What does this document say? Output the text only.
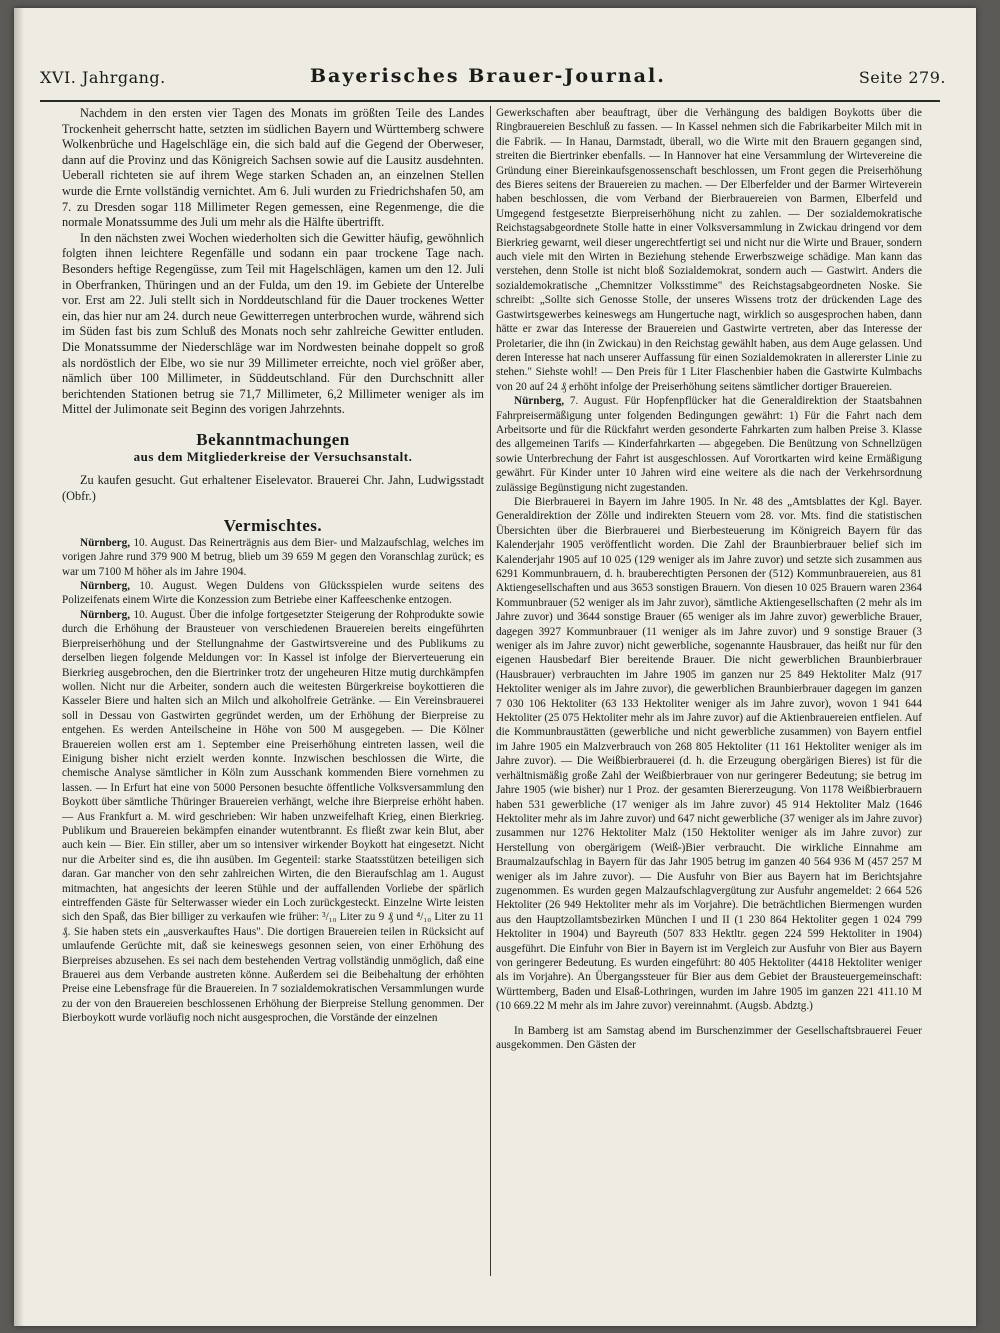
XVI. Jahrgang.	Bayerisches Brauer-Journal.	Seite 279.

Nachdem in den ersten vier Tagen des Monats im größten Teile des Landes Trockenheit geherrscht hatte, setzten im südlichen Bayern und Württemberg schwere Wolkenbrüche und Hagelschläge ein, die sich bald auf die Gegend der Oberweser, dann auf die Provinz und das Königreich Sachsen sowie auf die Lausitz ausdehnten. Ueberall richteten sie auf ihrem Wege starken Schaden an, an einzelnen Stellen wurde die Ernte vollständig vernichtet. Am 6. Juli wurden zu Friedrichshafen 50, am 7. zu Dresden sogar 118 Millimeter Regen gemessen, eine Regenmenge, die die normale Monatssumme des Juli um mehr als die Hälfte übertrifft.

In den nächsten zwei Wochen wiederholten sich die Gewitter häufig, gewöhnlich folgten ihnen leichtere Regenfälle und sodann ein paar trockene Tage nach. Besonders heftige Regengüsse, zum Teil mit Hagelschlägen, kamen um den 12. Juli in Oberfranken, Thüringen und an der Fulda, um den 19. im Gebiete der Unterelbe vor. Erst am 22. Juli stellt sich in Norddeutschland für die Dauer trockenes Wetter ein, das hier nur am 24. durch neue Gewitterregen unterbrochen wurde, während sich im Süden fast bis zum Schluß des Monats noch sehr zahlreiche Gewitter entluden. Die Monatssumme der Niederschläge war im Nordwesten beinahe doppelt so groß als nordöstlich der Elbe, wo sie nur 39 Millimeter erreichte, noch viel größer aber, nämlich über 100 Millimeter, in Süddeutschland. Für den Durchschnitt aller berichtenden Stationen betrug sie 71,7 Millimeter, 6,2 Millimeter weniger als im Mittel der Julimonate seit Beginn des vorigen Jahrzehnts.

Bekanntmachungen
aus dem Mitgliederkreise der Versuchsanstalt.

Zu kaufen gesucht. Gut erhaltener Eiselevator. Brauerei Chr. Jahn, Ludwigsstadt (Obfr.)

Vermischtes.

Nürnberg, 10. August. Das Reinerträgnis aus dem Bier- und Malzaufschlag, welches im vorigen Jahre rund 379 900 M betrug, blieb um 39 659 M gegen den Voranschlag zurück; es war um 7100 M höher als im Jahre 1904.

Nürnberg, 10. August. Wegen Duldens von Glücksspielen wurde seitens des Polizeifenats einem Wirte die Konzession zum Betriebe einer Kaffeeschenke entzogen.

Nürnberg, 10. August. Über die infolge fortgesetzter Steigerung der Rohprodukte sowie durch die Erhöhung der Brausteuer von verschiedenen Brauereien bereits eingeführten Bierpreiserhöhung und der Stellungnahme der Gastwirtsvereine und des Publikums zu derselben liegen folgende Meldungen vor: In Kassel ist infolge der Bierverteuerung ein Bierkrieg ausgebrochen, den die Biertrinker trotz der ungeheuren Hitze mutig durchkämpfen wollen. Nicht nur die Arbeiter, sondern auch die weitesten Bürgerkreise boykottieren die Kasseler Biere und halten sich an Milch und alkoholfreie Getränke. — Ein Vereinsbrauerei soll in Dessau von Gastwirten gegründet werden, um der Erhöhung der Bierpreise zu entgehen. Es werden Anteilscheine in Höhe von 500 M ausgegeben. — Die Kölner Brauereien wollen erst am 1. September eine Preiserhöhung eintreten lassen, weil die Einigung bisher nicht erzielt werden konnte. Inzwischen beschlossen die Wirte, die chemische Analyse sämtlicher in Köln zum Ausschank kommenden Biere vornehmen zu lassen. — In Erfurt hat eine von 5000 Personen besuchte öffentliche Volksversammlung den Boykott über sämtliche Thüringer Brauereien verhängt, welche ihre Bierpreise erhöht haben. — Aus Frankfurt a. M. wird geschrieben: Wir haben unzweifelhaft Krieg, einen Bierkrieg. Publikum und Brauereien bekämpfen einander wutentbrannt. Es fließt zwar kein Blut, aber auch kein — Bier. Ein stiller, aber um so intensiver wirkender Boykott hat eingesetzt. Nicht nur die Arbeiter sind es, die ihn ausüben. Im Gegenteil: starke Staatsstützen beteiligen sich daran. Gar mancher von den sehr zahlreichen Wirten, die den Bieraufschlag am 1. August mitmachten, hat angesichts der leeren Stühle und der auffallenden Vorliebe der spärlich eintreffenden Gäste für Selterwasser wieder ein Loch zurückgesteckt. Einzelne Wirte leisten sich den Spaß, das Bier billiger zu verkaufen wie früher: ³/₁₀ Liter zu 9 ₰ und ⁴/₁₀ Liter zu 11 ₰. Sie haben stets ein „ausverkauftes Haus". Die dortigen Brauereien teilen in Rücksicht auf umlaufende Gerüchte mit, daß sie keineswegs gesonnen seien, von einer Erhöhung des Bierpreises abzusehen. Es sei nach dem bestehenden Vertrag vollständig unmöglich, daß eine Brauerei aus dem Verbande austreten könne. Außerdem sei die Beibehaltung der erhöhten Preise eine Lebensfrage für die Brauereien. In 7 sozialdemokratischen Versammlungen wurde zu der von den Brauereien beschlossenen Erhöhung der Bierpreise Stellung genommen. Der Bierboykott wurde vorläufig noch nicht ausgesprochen, die Vorstände der einzelnen

Gewerkschaften aber beauftragt, über die Verhängung des baldigen Boykotts über die Ringbrauereien Beschluß zu fassen. — In Kassel nehmen sich die Fabrikarbeiter Milch mit in die Fabrik. — In Hanau, Darmstadt, überall, wo die Wirte mit den Brauern gegangen sind, streiten die Biertrinker ebenfalls. — In Hannover hat eine Versammlung der Wirtevereine die Gründung einer Biereinkaufsgenossenschaft beschlossen, um Front gegen die Preiserhöhung des Bieres seitens der Brauereien zu machen. — Der Elberfelder und der Barmer Wirteverein haben beschlossen, die vom Verband der Bierbrauereien von Barmen, Elberfeld und Umgegend festgesetzte Bierpreiserhöhung nicht zu zahlen. — Der sozialdemokratische Reichstagsabgeordnete Stolle hatte in einer Volksversammlung in Zwickau dringend vor dem Bierkrieg gewarnt, weil dieser ungerechtfertigt sei und nicht nur die Wirte und Brauer, sondern auch viele mit den Wirten in Beziehung stehende Erwerbszweige schädige. Man kann das verstehen, denn Stolle ist nicht bloß Sozialdemokrat, sondern auch — Gastwirt. Anders die sozialdemokratische „Chemnitzer Volksstimme" des Reichstagsabgeordneten Noske. Sie schreibt: „Sollte sich Genosse Stolle, der unseres Wissens trotz der drückenden Lage des Gastwirtsgewerbes keineswegs am Hungertuche nagt, wirklich so ausgesprochen haben, dann hätte er zwar das Interesse der Brauereien und Gastwirte vertreten, aber das Interesse der Proletarier, die ihn (in Zwickau) in den Reichstag gewählt haben, aus dem Auge gelassen. Und deren Interesse hat nach unserer Auffassung für einen Sozialdemokraten in allererster Linie zu stehen." Siehste wohl! — Den Preis für 1 Liter Flaschenbier haben die Gastwirte Kulmbachs von 20 auf 24 ₰ erhöht infolge der Preiserhöhung seitens sämtlicher dortiger Brauereien.

Nürnberg, 7. August. Für Hopfenpflücker hat die Generaldirektion der Staatsbahnen Fahrpreisermäßigung unter folgenden Bedingungen gewährt: 1) Für die Fahrt nach dem Arbeitsorte und für die Rückfahrt werden gesonderte Fahrkarten zum halben Preise 3. Klasse des allgemeinen Tarifs — Kinderfahrkarten — abgegeben. Die Benützung von Schnellzügen sowie Unterbrechung der Fahrt ist ausgeschlossen. Auf Vorortkarten wird keine Ermäßigung gewährt. Für Kinder unter 10 Jahren wird eine weitere als die nach der Verkehrsordnung zulässige Begünstigung nicht zugestanden.

Die Bierbrauerei in Bayern im Jahre 1905. In Nr. 48 des „Amtsblattes der Kgl. Bayer. Generaldirektion der Zölle und indirekten Steuern vom 28. vor. Mts. find die statistischen Übersichten über die Bierbrauerei und Bierbesteuerung im Königreich Bayern für das Kalenderjahr 1905 veröffentlicht worden. Die Zahl der Braunbierbrauer belief sich im Kalenderjahr 1905 auf 10 025 (129 weniger als im Jahre zuvor) und setzte sich zusammen aus 6291 Kommunbrauern, d. h. brauberechtigten Personen der (512) Kommunbrauereien, aus 81 Aktiengesellschaften und aus 3653 sonstigen Brauern. Von diesen 10 025 Brauern waren 2364 Kommunbrauer (52 weniger als im Jahr zuvor), sämtliche Aktiengesellschaften (2 mehr als im Jahre zuvor) und 3644 sonstige Brauer (65 weniger als im Jahre zuvor) gewerbliche Brauer, dagegen 3927 Kommunbrauer (11 weniger als im Jahre zuvor) und 9 sonstige Brauer (3 weniger als im Jahre zuvor) nicht gewerbliche, sogenannte Hausbrauer, das heißt nur für den eigenen Hausbedarf Bier bereitende Brauer. Die nicht gewerblichen Braunbierbrauer (Hausbrauer) verbrauchten im Jahre 1905 im ganzen nur 25 849 Hektoliter Malz (917 Hektoliter weniger als im Jahre zuvor), die gewerblichen Braunbierbrauer dagegen im ganzen 7 030 106 Hektoliter (63 133 Hektoliter weniger als im Jahre zuvor), wovon 1 941 644 Hektoliter (25 075 Hektoliter mehr als im Jahre zuvor) auf die Aktienbrauereien entfielen. Auf die Kommunbraustätten (gewerbliche und nicht gewerbliche zusammen) von Bayern entfiel im Jahre 1905 ein Malzverbrauch von 268 805 Hektoliter (11 161 Hektoliter weniger als im Jahre zuvor). — Die Weißbierbrauerei (d. h. die Erzeugung obergärigen Bieres) ist für die verhältnismäßig große Zahl der Weißbierbrauer von nur geringerer Bedeutung; sie betrug im Jahre 1905 (wie bisher) nur 1 Proz. der gesamten Biererzeugung. Von 1178 Weißbierbrauern haben 531 gewerbliche (17 weniger als im Jahre zuvor) 45 914 Hektoliter Malz (1646 Hektoliter mehr als im Jahre zuvor) und 647 nicht gewerbliche (37 weniger als im Jahre zuvor) zusammen nur 1276 Hektoliter Malz (150 Hektoliter weniger als im Jahre zuvor) zur Herstellung von obergärigem (Weiß-)Bier verbraucht. Die wirkliche Einnahme am Braumalzaufschlag in Bayern für das Jahr 1905 betrug im ganzen 40 564 936 M (457 257 M weniger als im Jahre zuvor). — Die Ausfuhr von Bier aus Bayern hat im Berichtsjahre zugenommen. Es wurden gegen Malzaufschlagvergütung zur Ausfuhr angemeldet: 2 664 526 Hektoliter (26 949 Hektoliter mehr als im Vorjahre). Die beträchtlichen Biermengen wurden aus den Hauptzollamtsbezirken München I und II (1 230 864 Hektoliter gegen 1 024 799 Hektoliter in 1904) und Bayreuth (507 833 Hektltr. gegen 224 599 Hektoliter in 1904) ausgeführt. Die Einfuhr von Bier in Bayern ist im Vergleich zur Ausfuhr von Bier aus Bayern von geringerer Bedeutung. Es wurden eingeführt: 80 405 Hektoliter (4418 Hektoliter weniger als im Vorjahre). An Übergangssteuer für Bier aus dem Gebiet der Brausteuergemeinschaft: Württemberg, Baden und Elsaß-Lothringen, wurden im Jahre 1905 im ganzen 221 411.10 M (10 669.22 M mehr als im Jahre zuvor) vereinnahmt. (Augsb. Abdztg.)

In Bamberg ist am Samstag abend im Burschenzimmer der Gesellschaftsbrauerei Feuer ausgekommen. Den Gästen der
